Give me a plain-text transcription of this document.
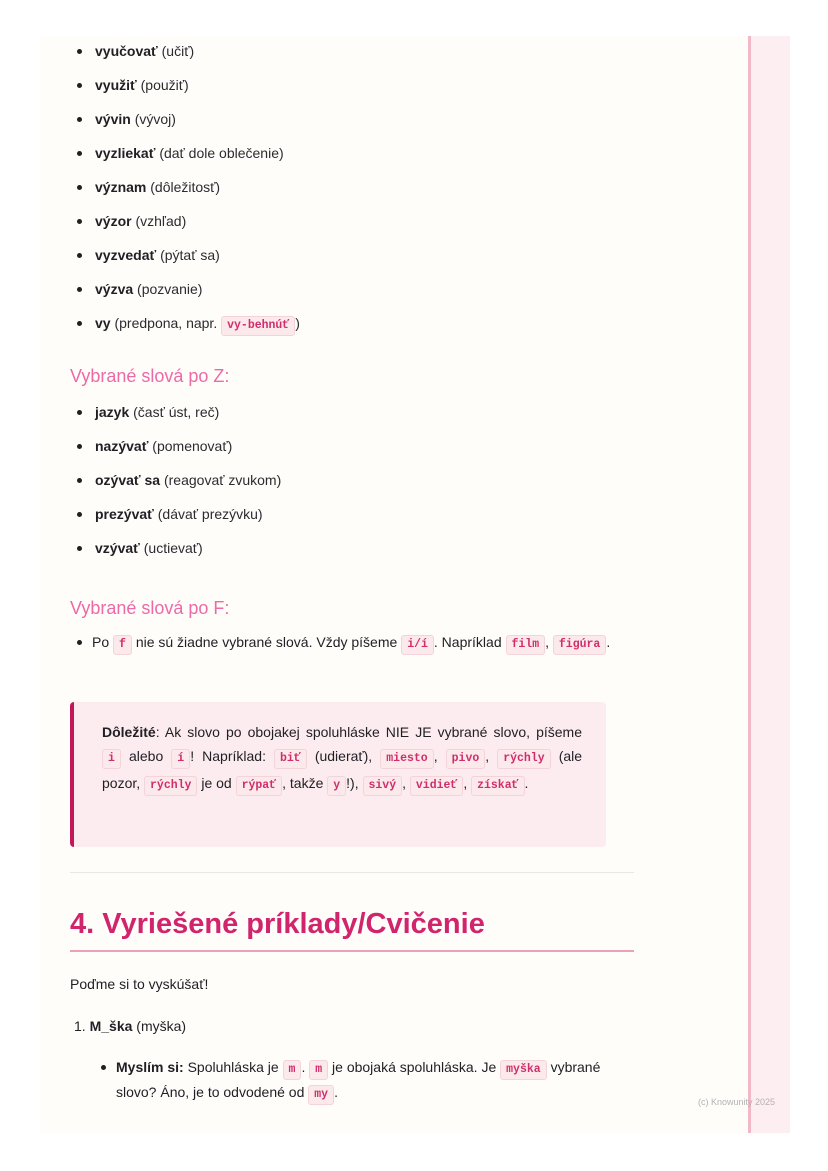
vyučovať (učiť)
využiť (použiť)
vývin (vývoj)
vyzliekať (dať dole oblečenie)
význam (dôležitosť)
výzor (vzhľad)
vyzvedať (pýtať sa)
výzva (pozvanie)
vy (predpona, napr. vy-behnúť )
Vybrané slová po Z:
jazyk (časť úst, reč)
nazývať (pomenovať)
ozývať sa (reagovať zvukom)
prezývať (dávať prezývku)
vzývať (uctievať)
Vybrané slová po F:
Po f nie sú žiadne vybrané slová. Vždy píšeme i/í . Napríklad film , figúra .
Dôležité: Ak slovo po obojakej spoluhláske NIE JE vybrané slovo, píšeme i alebo í ! Napríklad: biť (udierať), miesto , pivo , rýchly (ale pozor, rýchly je od rýpať , takže y !), sivý , vidieť , získať .
4. Vyriešené príklady/Cvičenie

Poďme si to vyskúšať!

1. M_ška (myška)
Myslím si: Spoluhláska je m . m je obojaká spoluhláska. Je myška vybrané slovo? Áno, je to odvodené od my .
(c) Knowunity 2025
